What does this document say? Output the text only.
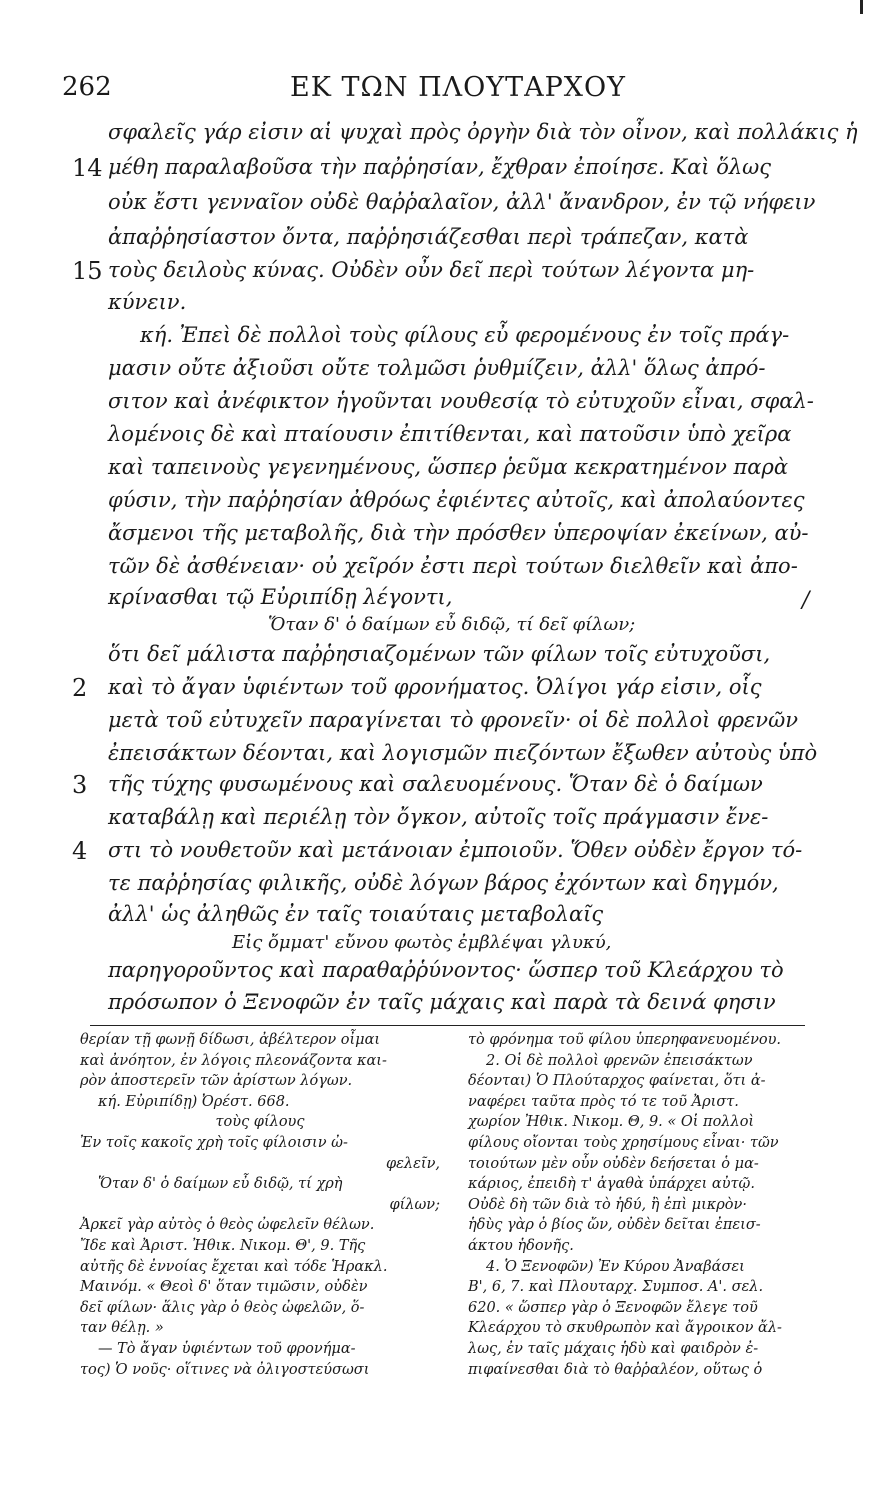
262	ΕΚ ΤΩΝ ΠΛΟΥΤΑΡΧΟΥ
σφαλεῖς γάρ εἰσιν αἱ ψυχαὶ πρὸς ὀργὴν διὰ τὸν οἶνον, καὶ πολλάκις ἡ
μέθη παραλαβοῦσα τὴν παῤῥησίαν, ἔχθραν ἐποίησε. Καὶ ὅλως
οὐκ ἔστι γενναῖον οὐδὲ θαῤῥαλαῖον, ἀλλ' ἄνανδρον, ἐν τῷ νήφειν
ἀπαῤῥησίαστον ὄντα, παῤῥησιάζεσθαι περὶ τράπεζαν, κατὰ
τοὺς δειλοὺς κύνας. Οὐδὲν οὖν δεῖ περὶ τούτων λέγοντα μη-
κύνειν.
κή. Ἐπεὶ δὲ πολλοὶ τοὺς φίλους εὖ φερομένους ἐν τοῖς πράγ-
μασιν οὔτε ἀξιοῦσι οὔτε τολμῶσι ῥυθμίζειν, ἀλλ' ὅλως ἀπρό-
σιτον καὶ ἀνέφικτον ἡγοῦνται νουθεσίᾳ τὸ εὐτυχοῦν εἶναι, σφαλ-
λομένοις δὲ καὶ πταίουσιν ἐπιτίθενται, καὶ πατοῦσιν ὑπὸ χεῖρα
καὶ ταπεινοὺς γεγενημένους, ὥσπερ ῥεῦμα κεκρατημένον παρὰ
φύσιν, τὴν παῤῥησίαν ἀθρόως ἐφιέντες αὐτοῖς, καὶ ἀπολαύοντες
ἄσμενοι τῆς μεταβολῆς, διὰ τὴν πρόσθεν ὑπεροψίαν ἐκείνων, αὐ-
τῶν δὲ ἀσθένειαν· οὐ χεῖρόν ἐστι περὶ τούτων διελθεῖν καὶ ἀπο-
κρίνασθαι τῷ Εὐριπίδῃ λέγοντι,
Ὅταν δ' ὁ δαίμων εὖ διδῷ, τί δεῖ φίλων;
ὅτι δεῖ μάλιστα παῤῥησιαζομένων τῶν φίλων τοῖς εὐτυχοῦσι,
καὶ τὸ ἄγαν ὑφιέντων τοῦ φρονήματος. Ὀλίγοι γάρ εἰσιν, οἷς
μετὰ τοῦ εὐτυχεῖν παραγίνεται τὸ φρονεῖν· οἱ δὲ πολλοὶ φρενῶν
ἐπεισάκτων δέονται, καὶ λογισμῶν πιεζόντων ἔξωθεν αὐτοὺς ὑπὸ
τῆς τύχης φυσωμένους καὶ σαλευομένους. Ὅταν δὲ ὁ δαίμων
καταβάλῃ καὶ περιέλῃ τὸν ὄγκον, αὐτοῖς τοῖς πράγμασιν ἔνε-
στι τὸ νουθετοῦν καὶ μετάνοιαν ἐμποιοῦν. Ὅθεν οὐδὲν ἔργον τό-
τε παῤῥησίας φιλικῆς, οὐδὲ λόγων βάρος ἐχόντων καὶ δηγμόν,
ἀλλ' ὡς ἀληθῶς ἐν ταῖς τοιαύταις μεταβολαῖς
Εἰς ὄμματ' εὔνου φωτὸς ἐμβλέψαι γλυκύ,
παρηγοροῦντος καὶ παραθαῤῥύνοντος· ὥσπερ τοῦ Κλεάρχου τὸ
πρόσωπον ὁ Ξενοφῶν ἐν ταῖς μάχαις καὶ παρὰ τὰ δεινά φησιν
14
15
2
3
4
/
θερίαν τῇ φωνῇ δίδωσι, ἀβέλτερον οἶμαι
καὶ ἀνόητον, ἐν λόγοις πλεονάζοντα και-
ρὸν ἀποστερεῖν τῶν ἀρίστων λόγων.
κή. Εὐριπίδῃ) Ὀρέστ. 668.
τοὺς φίλους
Ἐν τοῖς κακοῖς χρὴ τοῖς φίλοισιν ὠ-
φελεῖν,
Ὅταν δ' ὁ δαίμων εὖ διδῷ, τί χρὴ
φίλων;
Ἀρκεῖ γὰρ αὐτὸς ὁ θεὸς ὠφελεῖν θέλων.
Ἴδε καὶ Ἀριστ. Ἠθικ. Νικομ. Θ', 9. Τῆς
αὐτῆς δὲ ἐννοίας ἔχεται καὶ τόδε Ἡρακλ.
Μαινόμ. « Θεοὶ δ' ὅταν τιμῶσιν, οὐδὲν
δεῖ φίλων· ἅλις γὰρ ὁ θεὸς ὠφελῶν, ὅ-
ταν θέλῃ. »
— Τὸ ἄγαν ὑφιέντων τοῦ φρονήμα-
τος) Ὁ νοῦς· οἵτινες νὰ ὀλιγοστεύσωσι
τὸ φρόνημα τοῦ φίλου ὑπερηφανευομένου.
2. Οἱ δὲ πολλοὶ φρενῶν ἐπεισάκτων
δέονται) Ὁ Πλούταρχος φαίνεται, ὅτι ἀ-
ναφέρει ταῦτα πρὸς τό τε τοῦ Ἀριστ.
χωρίον Ἠθικ. Νικομ. Θ, 9. « Οἱ πολλοὶ
φίλους οἴονται τοὺς χρησίμους εἶναι· τῶν
τοιούτων μὲν οὖν οὐδὲν δεήσεται ὁ μα-
κάριος, ἐπειδὴ τ' ἀγαθὰ ὑπάρχει αὐτῷ.
Οὐδὲ δὴ τῶν διὰ τὸ ἡδύ, ἢ ἐπὶ μικρὸν·
ἡδὺς γὰρ ὁ βίος ὤν, οὐδὲν δεῖται ἐπεισ-
άκτου ἡδονῆς.
4. Ὁ Ξενοφῶν) Ἐν Κύρου Ἀναβάσει
Β', 6, 7. καὶ Πλουταρχ. Συμποσ. Α'. σελ.
620. « ὥσπερ γὰρ ὁ Ξενοφῶν ἔλεγε τοῦ
Κλεάρχου τὸ σκυθρωπὸν καὶ ἄγροικον ἄλ-
λως, ἐν ταῖς μάχαις ἡδὺ καὶ φαιδρὸν ἐ-
πιφαίνεσθαι διὰ τὸ θαῤῥαλέον, οὕτως ὁ
